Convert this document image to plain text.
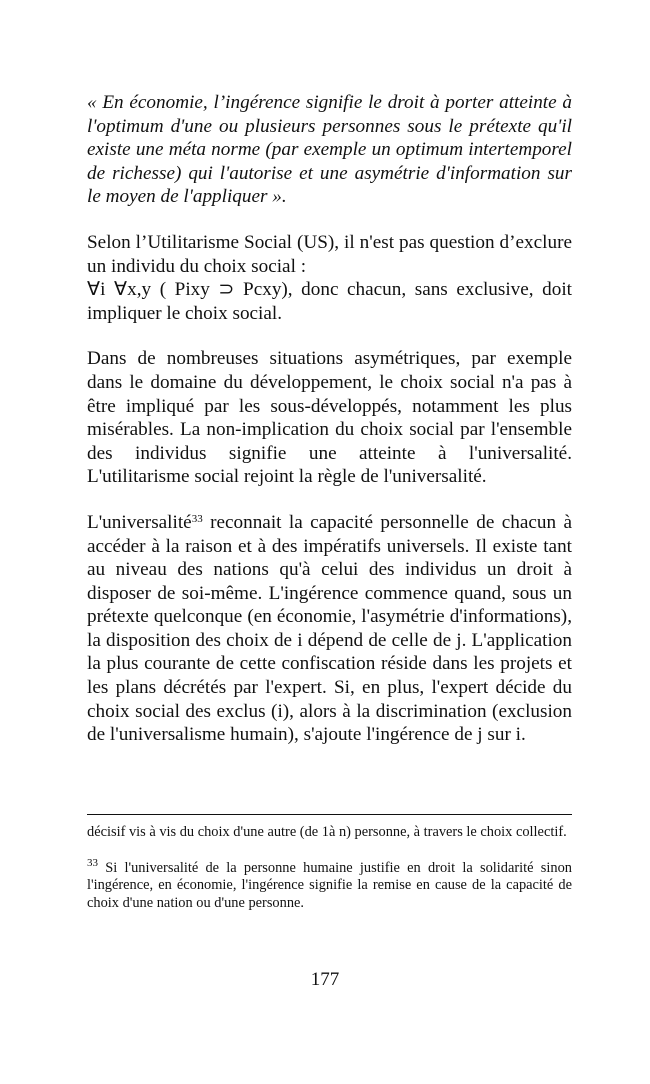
« En économie, l’ingérence signifie le droit à porter atteinte à l'optimum d'une ou plusieurs personnes sous le prétexte qu'il existe une méta norme (par exemple un optimum intertemporel de richesse) qui l'autorise et une asymétrie d'information sur le moyen de l'appliquer ».

Selon l’Utilitarisme Social (US), il n'est pas question d’exclure un individu du choix social :

∀i ∀x,y ( Pixy ⊃ Pcxy), donc chacun, sans exclusive, doit impliquer le choix social.

Dans de nombreuses situations asymétriques, par exemple dans le domaine du développement, le choix social n'a pas à être impliqué par les sous-développés, notamment les plus misérables. La non-implication du choix social par l'ensemble des individus signifie une atteinte à l'universalité. L'utilitarisme social rejoint la règle de l'universalité.

L'universalité$^{33}$ reconnait la capacité personnelle de chacun à accéder à la raison et à des impératifs universels. Il existe tant au niveau des nations qu'à celui des individus un droit à disposer de soi-même. L'ingérence commence quand, sous un prétexte quelconque (en économie, l'asymétrie d'informations), la disposition des choix de i dépend de celle de j. L'application la plus courante de cette confiscation réside dans les projets et les plans décrétés par l'expert. Si, en plus, l'expert décide du choix social des exclus (i), alors à la discrimination (exclusion de l'universalisme humain), s'ajoute l'ingérence de j sur i.

décisif vis à vis du choix d'une autre (de 1à n) personne, à travers le choix collectif.

$^{33}$ Si l'universalité de la personne humaine justifie en droit la solidarité sinon l'ingérence, en économie, l'ingérence signifie la remise en cause de la capacité de choix d'une nation ou d'une personne.

177
